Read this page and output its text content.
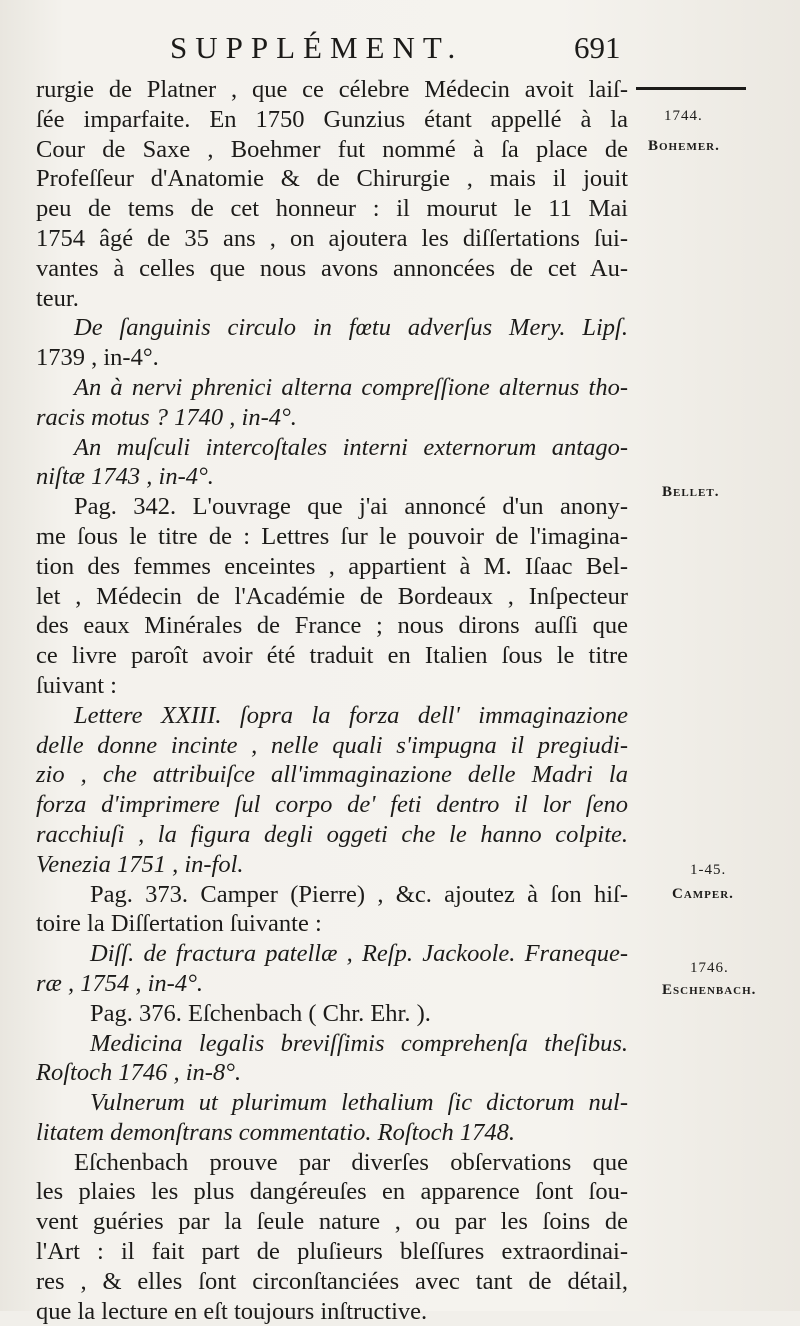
SUPPLÉMENT.	691
1744.
Bohemer.
Bellet.
1-45.
Camper.
1746.
Eschenbach.
rurgie de Platner , que ce célebre Médecin avoit laiſ-
ſée imparfaite. En 1750 Gunzius étant appellé à la
Cour de Saxe , Boehmer fut nommé à ſa place de
Profeſſeur d'Anatomie & de Chirurgie , mais il jouit
peu de tems de cet honneur : il mourut le 11 Mai
1754 âgé de 35 ans , on ajoutera les diſſertations ſui-
vantes à celles que nous avons annoncées de cet Au-
teur.
De ſanguinis circulo in fœtu adverſus Mery. Lipſ.
1739 , in-4°.
An à nervi phrenici alterna compreſſione alternus tho-
racis motus ? 1740 , in-4°.
An muſculi intercoſtales interni externorum antago-
niſtæ 1743 , in-4°.
Pag. 342. L'ouvrage que j'ai annoncé d'un anony-
me ſous le titre de : Lettres ſur le pouvoir de l'imagina-
tion des femmes enceintes , appartient à M. Iſaac Bel-
let , Médecin de l'Académie de Bordeaux , Inſpecteur
des eaux Minérales de France ; nous dirons auſſi que
ce livre paroît avoir été traduit en Italien ſous le titre
ſuivant :
Lettere XXIII. ſopra la forza dell' immaginazione
delle donne incinte , nelle quali s'impugna il pregiudi-
zio , che attribuiſce all'immaginazione delle Madri la
forza d'imprimere ſul corpo de' feti dentro il lor ſeno
racchiuſi , la figura degli oggeti che le hanno colpite.
Venezia 1751 , in-fol.
Pag. 373. Camper (Pierre) , &c. ajoutez à ſon hiſ-
toire la Diſſertation ſuivante :
Diſſ. de fractura patellæ , Reſp. Jackoole. Franeque-
ræ , 1754 , in-4°.
Pag. 376. Eſchenbach ( Chr. Ehr. ).
Medicina legalis breviſſimis comprehenſa theſibus.
Roſtoch 1746 , in-8°.
Vulnerum ut plurimum lethalium ſic dictorum nul-
litatem demonſtrans commentatio. Roſtoch 1748.
Eſchenbach prouve par diverſes obſervations que
les plaies les plus dangéreuſes en apparence ſont ſou-
vent guéries par la ſeule nature , ou par les ſoins de
l'Art : il fait part de pluſieurs bleſſures extraordinai-
res , & elles ſont circonſtanciées avec tant de détail,
que la lecture en eſt toujours inſtructive.
